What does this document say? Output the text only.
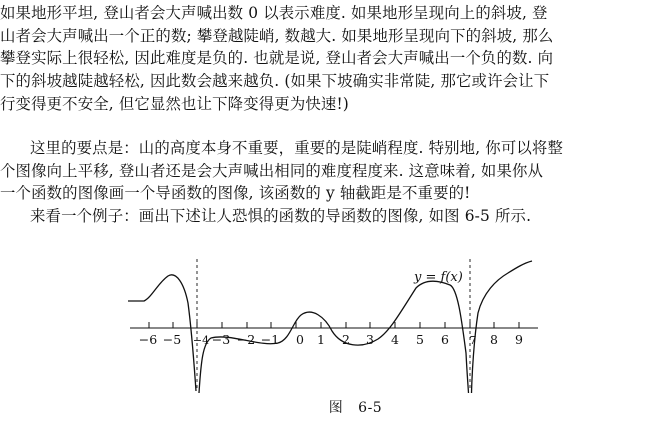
如果地形平坦, 登山者会大声喊出数 0 以表示难度. 如果地形呈现向上的斜坡, 登
山者会大声喊出一个正的数; 攀登越陡峭, 数越大. 如果地形呈现向下的斜坡, 那么
攀登实际上很轻松, 因此难度是负的. 也就是说, 登山者会大声喊出一个负的数. 向
下的斜坡越陡越轻松, 因此数会越来越负. (如果下坡确实非常陡, 那它或许会让下
行变得更不安全, 但它显然也让下降变得更为快速!)

这里的要点是：山的高度本身不重要，重要的是陡峭程度. 特别地, 你可以将整
个图像向上平移, 登山者还是会大声喊出相同的难度程度来. 这意味着, 如果你从
一个函数的图像画一个导函数的图像, 该函数的 y 轴截距是不重要的!

来看一个例子：画出下述让人恐惧的函数的导函数的图像, 如图 6-5 所示.

−6 −5 −3 −2 −1 0 1 2 3 4 5 6	8 9
−4	7
y = f(x)
图 6-5
